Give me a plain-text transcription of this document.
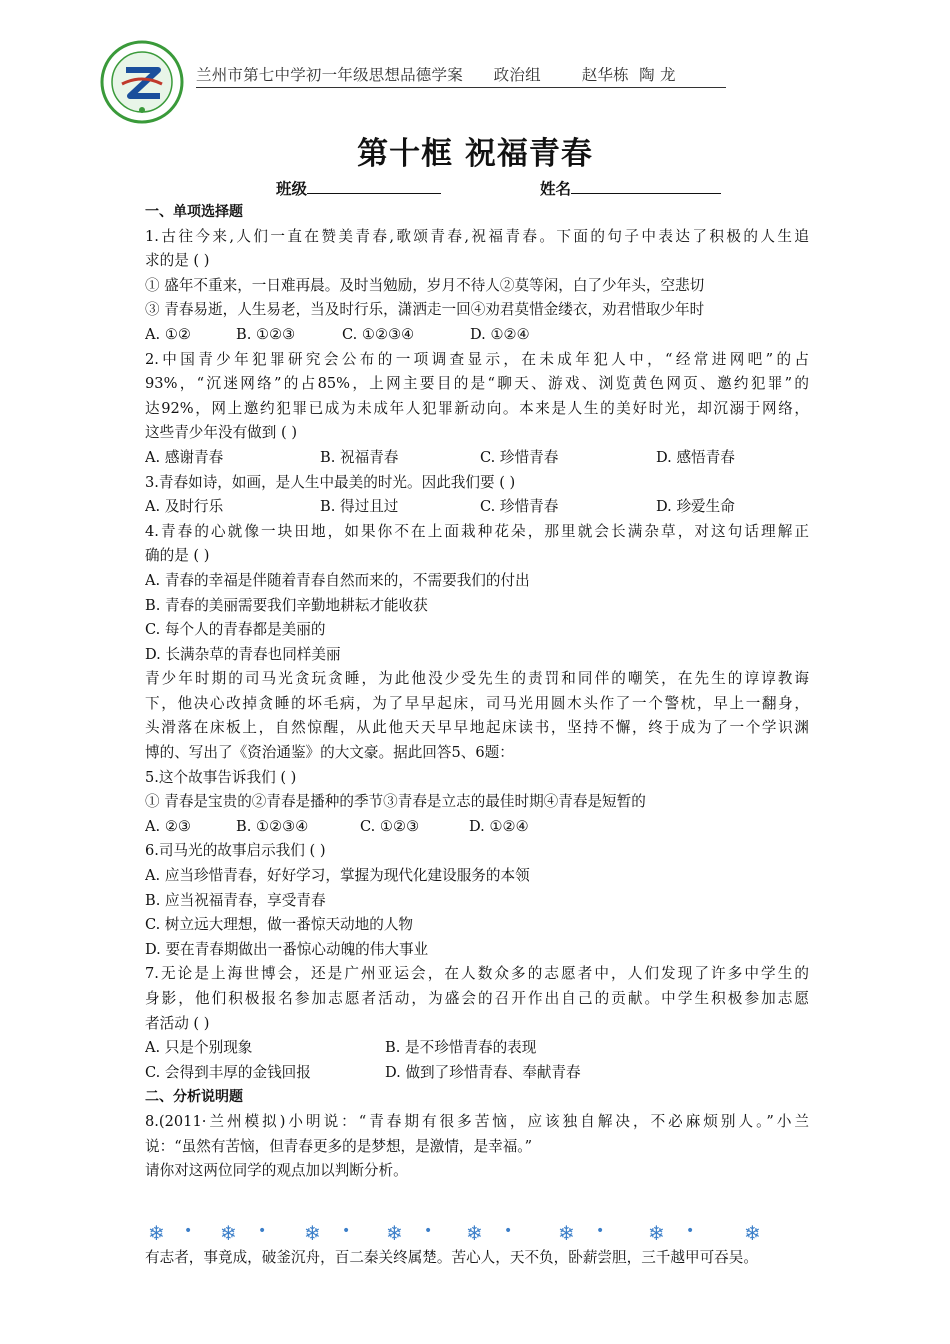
兰州市第七中学初一年级思想品德学案      政治组        赵华栋  陶 龙
第十框 祝福青春
班级	姓名
一、单项选择题
1.古往今来,人们一直在赞美青春,歌颂青春,祝福青春。下面的句子中表达了积极的人生追
求的是 ( )
① 盛年不重来，一日难再晨。及时当勉励，岁月不待人②莫等闲，白了少年头，空悲切
③ 青春易逝，人生易老，当及时行乐，潇洒走一回④劝君莫惜金缕衣，劝君惜取少年时
A. ①②	B. ①②③	C. ①②③④	D. ①②④
2.中国青少年犯罪研究会公布的一项调查显示，在未成年犯人中，“经常进网吧”的占
93%，“沉迷网络”的占85%，上网主要目的是“聊天、游戏、浏览黄色网页、邀约犯罪”的
达92%，网上邀约犯罪已成为未成年人犯罪新动向。本来是人生的美好时光，却沉溺于网络，
这些青少年没有做到 ( )
A. 感谢青春	B. 祝福青春	C. 珍惜青春	D. 感悟青春
3.青春如诗，如画，是人生中最美的时光。因此我们要 ( )
A. 及时行乐	B. 得过且过	C. 珍惜青春	D. 珍爱生命
4.青春的心就像一块田地，如果你不在上面栽种花朵，那里就会长满杂草，对这句话理解正
确的是 ( )
A. 青春的幸福是伴随着青春自然而来的，不需要我们的付出
B. 青春的美丽需要我们辛勤地耕耘才能收获
C. 每个人的青春都是美丽的
D. 长满杂草的青春也同样美丽
青少年时期的司马光贪玩贪睡，为此他没少受先生的责罚和同伴的嘲笑，在先生的谆谆教诲
下，他决心改掉贪睡的坏毛病，为了早早起床，司马光用圆木头作了一个警枕，早上一翻身，
头滑落在床板上，自然惊醒，从此他天天早早地起床读书，坚持不懈，终于成为了一个学识渊
博的、写出了《资治通鉴》的大文豪。据此回答5、6题：
5.这个故事告诉我们 ( )
① 青春是宝贵的②青春是播种的季节③青春是立志的最佳时期④青春是短暂的
A. ②③	B. ①②③④	C. ①②③	D. ①②④
6.司马光的故事启示我们 ( )
A. 应当珍惜青春，好好学习，掌握为现代化建设服务的本领
B. 应当祝福青春，享受青春
C. 树立远大理想，做一番惊天动地的人物
D. 要在青春期做出一番惊心动魄的伟大事业
7.无论是上海世博会，还是广州亚运会，在人数众多的志愿者中，人们发现了许多中学生的
身影，他们积极报名参加志愿者活动，为盛会的召开作出自己的贡献。中学生积极参加志愿
者活动 ( )
A. 只是个别现象	B. 是不珍惜青春的表现
C. 会得到丰厚的金钱回报	D. 做到了珍惜青春、奉献青春
二、分析说明题
8.(2011·兰州模拟)小明说：“青春期有很多苦恼，应该独自解决，不必麻烦别人。”小兰
说：“虽然有苦恼，但青春更多的是梦想，是激情，是幸福。”
请你对这两位同学的观点加以判断分析。
❄ • ❄ • ❄ • ❄ • ❄ • ❄ • ❄ • ❄
有志者，事竟成，破釜沉舟，百二秦关终属楚。苦心人，天不负，卧薪尝胆，三千越甲可吞吴。
